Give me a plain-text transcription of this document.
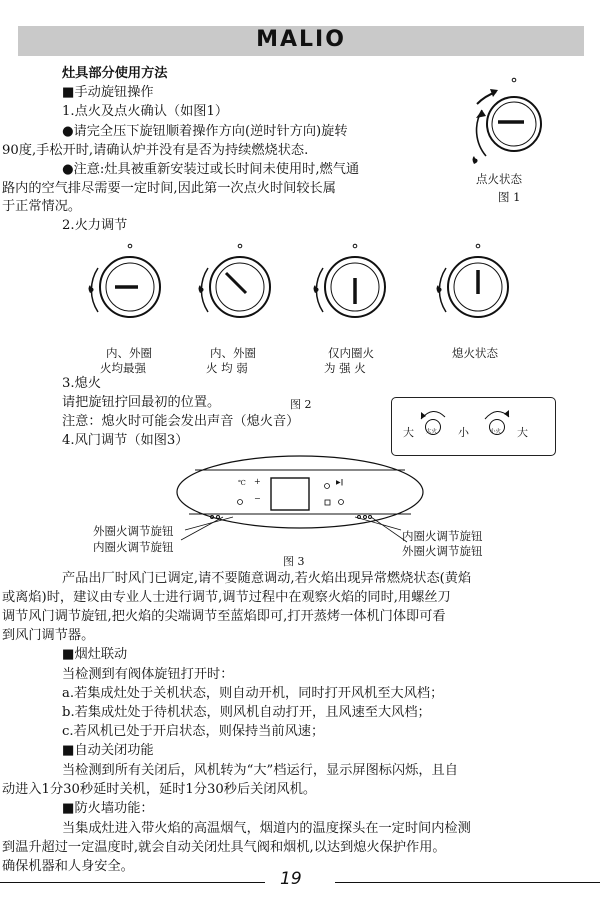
MALIO
灶具部分使用方法
■手动旋钮操作
1.点火及点火确认（如图1）
●请完全压下旋钮顺着操作方向(逆时针方向)旋转
90度,手松开时,请确认炉并没有是否为持续燃烧状态.
●注意:灶具被重新安装过或长时间未使用时,燃气通
路内的空气排尽需要一定时间,因此第一次点火时间较长属
于正常情况。
点火状态
图 1
2.火力调节
内、外圈
火均最强
内、外圈
火 均 弱
仅内圈火
为 强 火
熄火状态
3.熄火
请把旋钮拧回最初的位置。	图 2
注意：熄火时可能会发出声音（熄火音）
大 大火 小	小火 大
4.风门调节（如图3）
℃ +
−
▶‖
外圈火调节旋钮
内圈火调节旋钮
内圈火调节旋钮
外圈火调节旋钮
图 3
产品出厂时风门已调定,请不要随意调动,若火焰出现异常燃烧状态(黄焰
或离焰)时，建议由专业人士进行调节,调节过程中在观察火焰的同时,用螺丝刀
调节风门调节旋钮,把火焰的尖端调节至蓝焰即可,打开蒸烤一体机门体即可看
到风门调节器。
■烟灶联动
当检测到有阀体旋钮打开时：
a.若集成灶处于关机状态，则自动开机，同时打开风机至大风档；
b.若集成灶处于待机状态，则风机自动打开，且风速至大风档；
c.若风机已处于开启状态，则保持当前风速；
■自动关闭功能
当检测到所有关闭后，风机转为“大”档运行，显示屏图标闪烁，且自
动进入1分30秒延时关机，延时1分30秒后关闭风机。
■防火墙功能：
当集成灶进入带火焰的高温烟气，烟道内的温度探头在一定时间内检测
到温升超过一定温度时,就会自动关闭灶具气阀和烟机,以达到熄火保护作用。
确保机器和人身安全。
19
